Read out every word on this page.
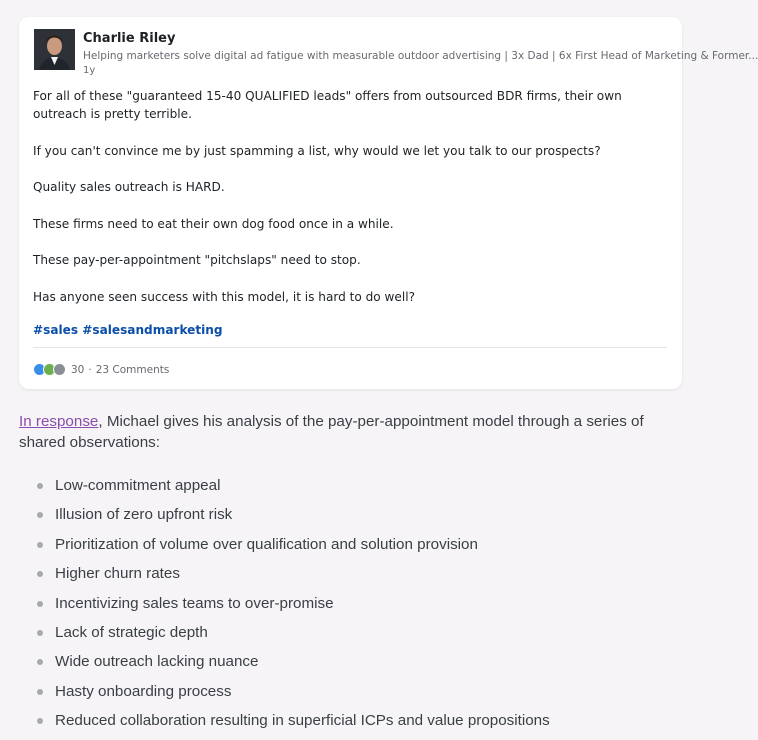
Charlie Riley
Helping marketers solve digital ad fatigue with measurable outdoor advertising | 3x Dad | 6x First Head of Marketing & Former...
1y

For all of these "guaranteed 15-40 QUALIFIED leads" offers from outsourced BDR firms, their own outreach is pretty terrible.

If you can't convince me by just spamming a list, why would we let you talk to our prospects?

Quality sales outreach is HARD.

These firms need to eat their own dog food once in a while.

These pay-per-appointment "pitchslaps" need to stop.

Has anyone seen success with this model, it is hard to do well?

#sales #salesandmarketing
30 · 23 Comments
In response, Michael gives his analysis of the pay-per-appointment model through a series of shared observations:
Low-commitment appeal
Illusion of zero upfront risk
Prioritization of volume over qualification and solution provision
Higher churn rates
Incentivizing sales teams to over-promise
Lack of strategic depth
Wide outreach lacking nuance
Hasty onboarding process
Reduced collaboration resulting in superficial ICPs and value propositions
